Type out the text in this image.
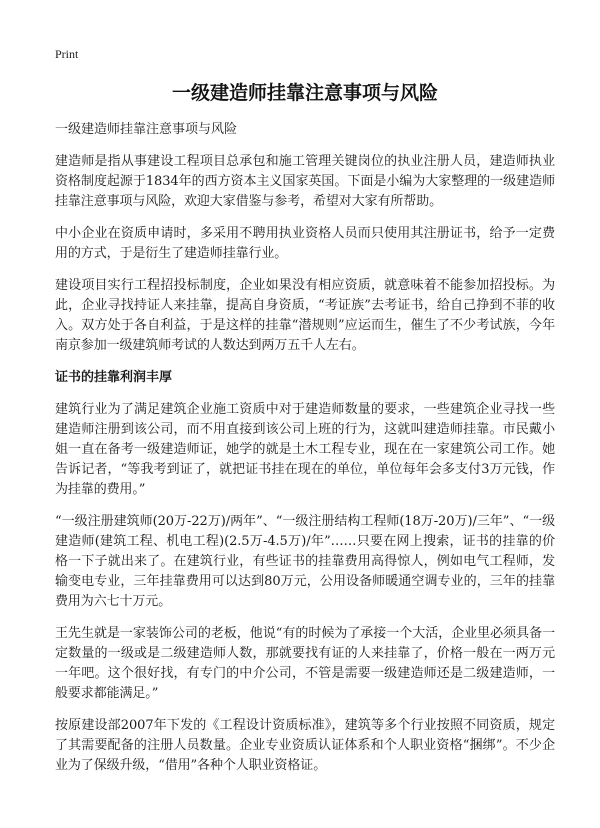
Print
一级建造师挂靠注意事项与风险
一级建造师挂靠注意事项与风险

建造师是指从事建设工程项目总承包和施工管理关键岗位的执业注册人员，建造师执业资格制度起源于1834年的西方资本主义国家英国。下面是小编为大家整理的一级建造师挂靠注意事项与风险，欢迎大家借鉴与参考，希望对大家有所帮助。

中小企业在资质申请时，多采用不聘用执业资格人员而只使用其注册证书，给予一定费用的方式，于是衍生了建造师挂靠行业。

建设项目实行工程招投标制度，企业如果没有相应资质，就意味着不能参加招投标。为此，企业寻找持证人来挂靠，提高自身资质，“考证族”去考证书，给自己挣到不菲的收入。双方处于各自利益，于是这样的挂靠“潜规则”应运而生，催生了不少考试族，今年南京参加一级建筑师考试的人数达到两万五千人左右。

证书的挂靠利润丰厚

建筑行业为了满足建筑企业施工资质中对于建造师数量的要求，一些建筑企业寻找一些建造师注册到该公司，而不用直接到该公司上班的行为，这就叫建造师挂靠。市民戴小姐一直在备考一级建造师证，她学的就是土木工程专业，现在在一家建筑公司工作。她告诉记者，“等我考到证了，就把证书挂在现在的单位，单位每年会多支付3万元钱，作为挂靠的费用。”

“一级注册建筑师(20万-22万)/两年”、“一级注册结构工程师(18万-20万)/三年”、“一级建造师(建筑工程、机电工程)(2.5万-4.5万)/年”……只要在网上搜索，证书的挂靠的价格一下子就出来了。在建筑行业，有些证书的挂靠费用高得惊人，例如电气工程师，发输变电专业，三年挂靠费用可以达到80万元，公用设备师暖通空调专业的，三年的挂靠费用为六七十万元。

王先生就是一家装饰公司的老板，他说“有的时候为了承接一个大活，企业里必须具备一定数量的一级或是二级建造师人数，那就要找有证的人来挂靠了，价格一般在一两万元一年吧。这个很好找，有专门的中介公司，不管是需要一级建造师还是二级建造师，一般要求都能满足。”

按原建设部2007年下发的《工程设计资质标准》，建筑等多个行业按照不同资质，规定了其需要配备的注册人员数量。企业专业资质认证体系和个人职业资格“捆绑”。不少企业为了保级升级，“借用”各种个人职业资格证。
